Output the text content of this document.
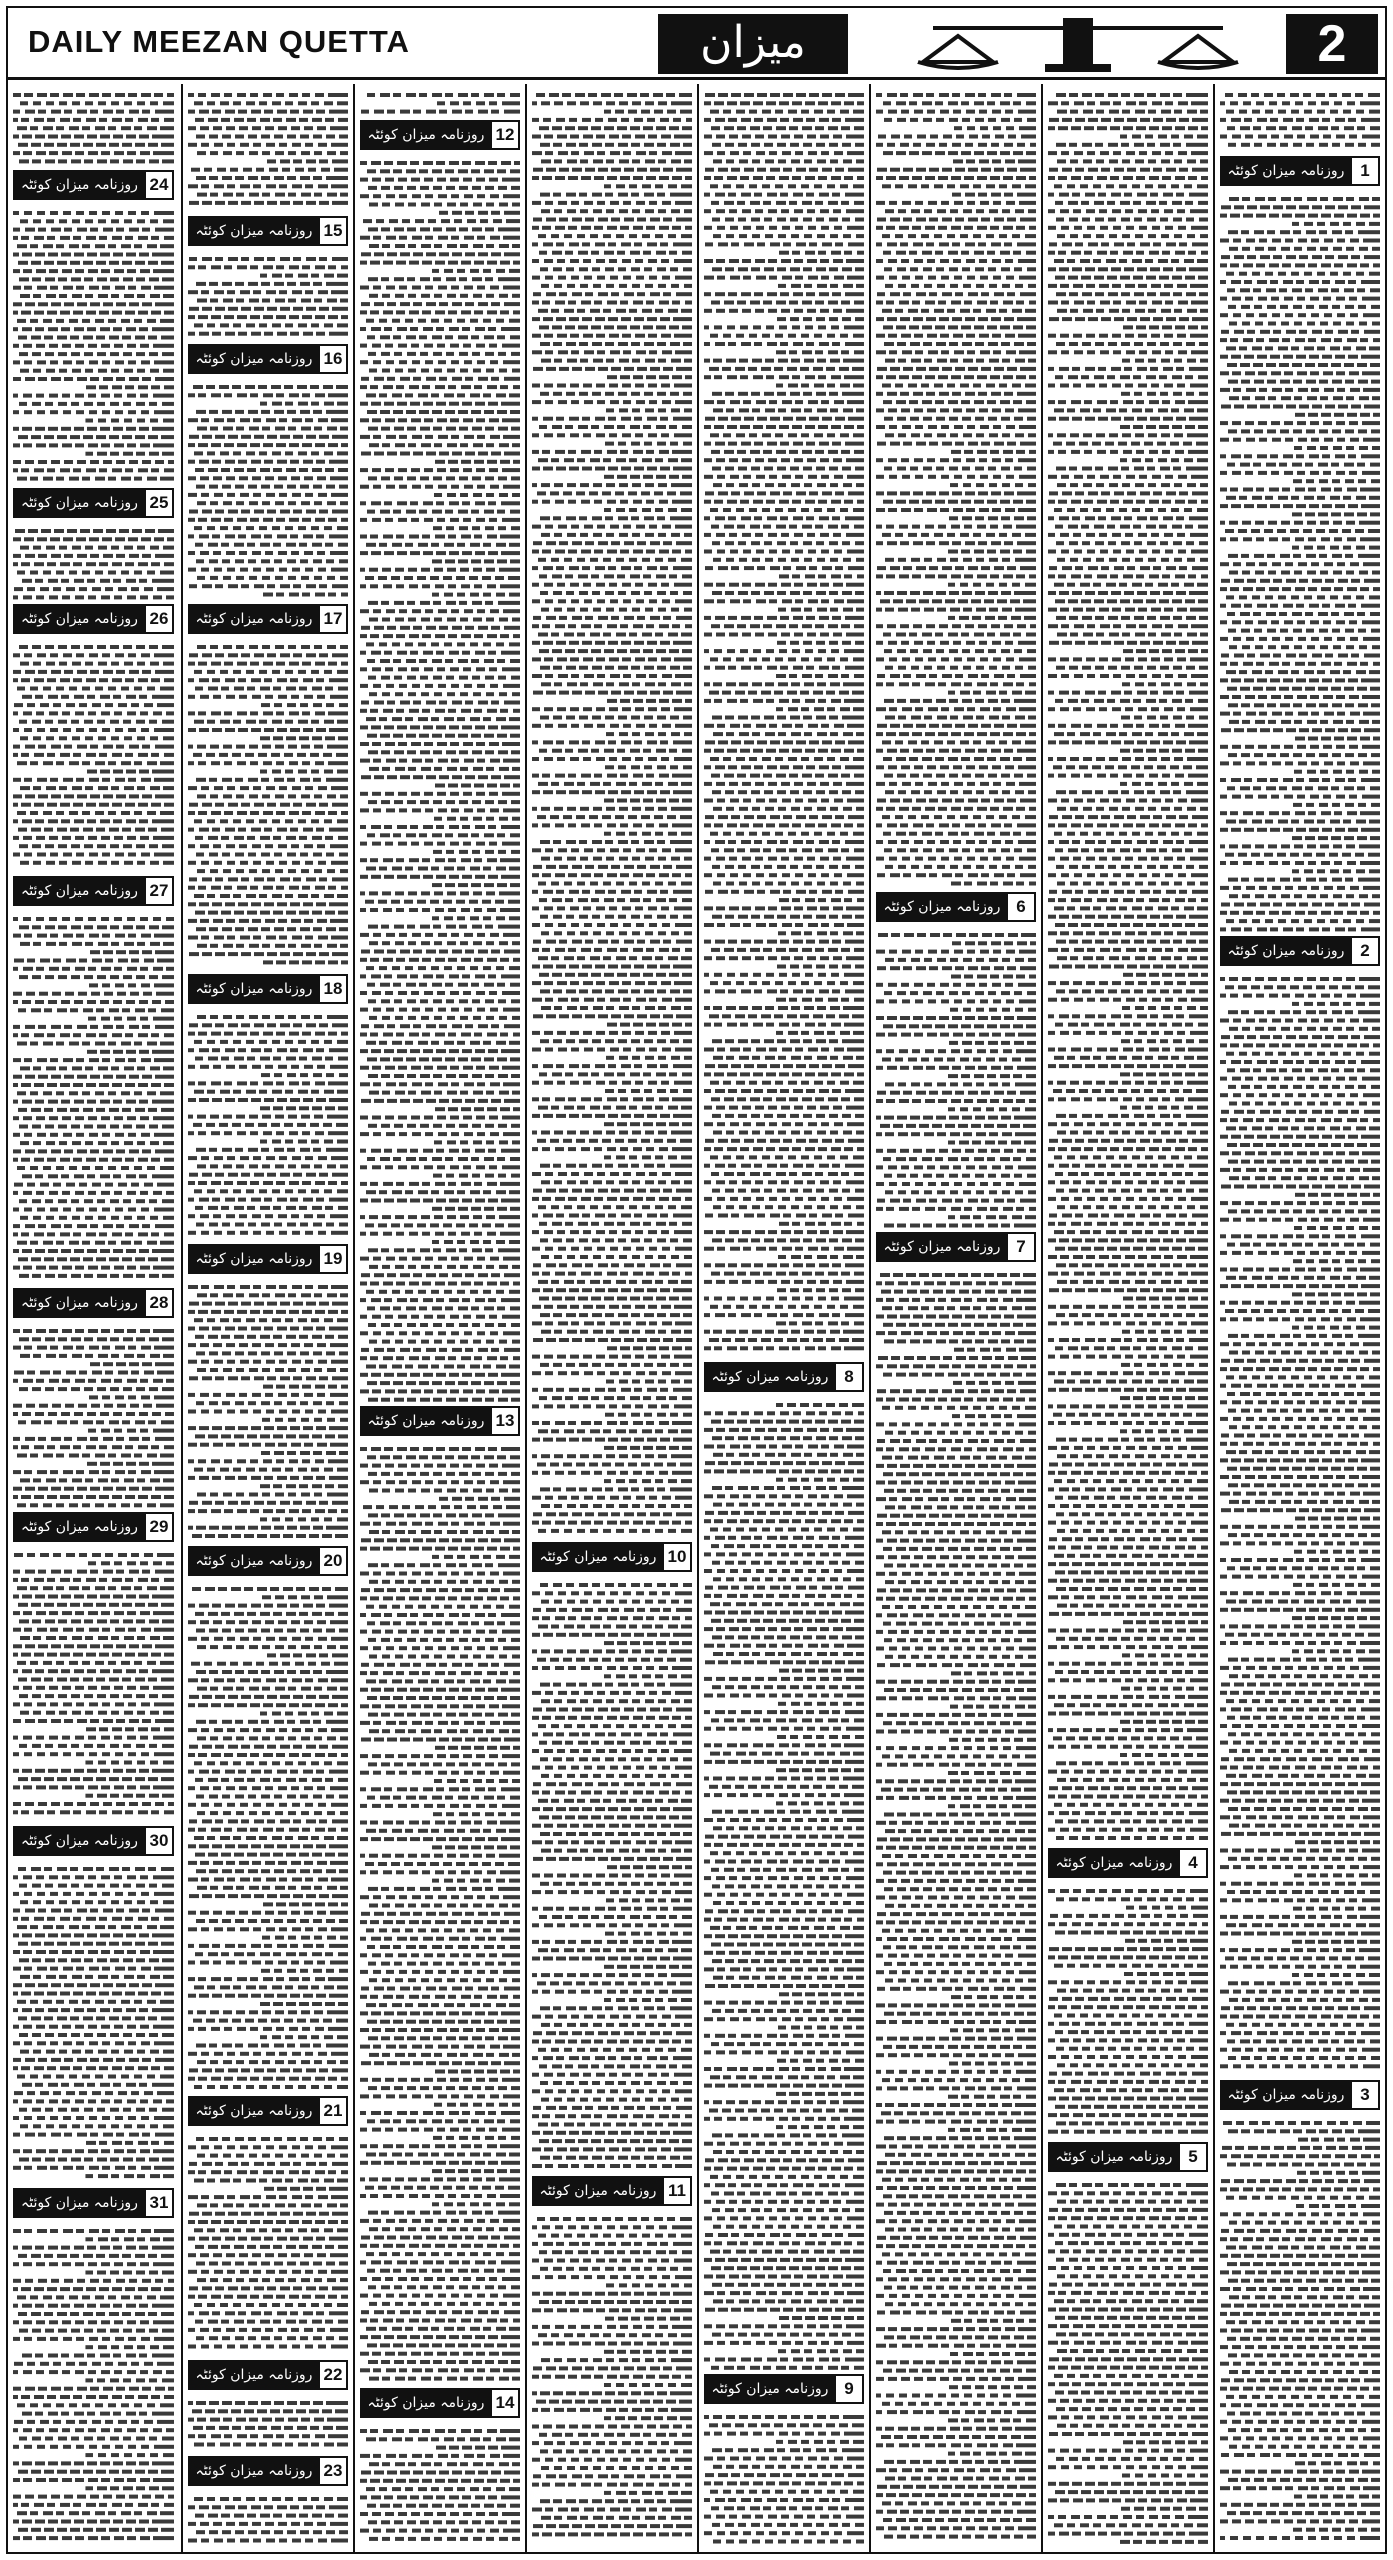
DAILY MEEZAN QUETTA	میزان	2
24
روزنامہ میزان کوئٹہ
25
روزنامہ میزان کوئٹہ
26
روزنامہ میزان کوئٹہ
27
روزنامہ میزان کوئٹہ
28
روزنامہ میزان کوئٹہ
29
روزنامہ میزان کوئٹہ
30
روزنامہ میزان کوئٹہ
31
روزنامہ میزان کوئٹہ
15
روزنامہ میزان کوئٹہ
16
روزنامہ میزان کوئٹہ
17
روزنامہ میزان کوئٹہ
18
روزنامہ میزان کوئٹہ
19
روزنامہ میزان کوئٹہ
20
روزنامہ میزان کوئٹہ
21
روزنامہ میزان کوئٹہ
22
روزنامہ میزان کوئٹہ
23
روزنامہ میزان کوئٹہ
12
روزنامہ میزان کوئٹہ
13
روزنامہ میزان کوئٹہ
14
روزنامہ میزان کوئٹہ
10
روزنامہ میزان کوئٹہ
11
روزنامہ میزان کوئٹہ
8
روزنامہ میزان کوئٹہ
9
روزنامہ میزان کوئٹہ
6
روزنامہ میزان کوئٹہ
7
روزنامہ میزان کوئٹہ
4
روزنامہ میزان کوئٹہ
5
روزنامہ میزان کوئٹہ
1
روزنامہ میزان کوئٹہ
2
روزنامہ میزان کوئٹہ
3
روزنامہ میزان کوئٹہ
